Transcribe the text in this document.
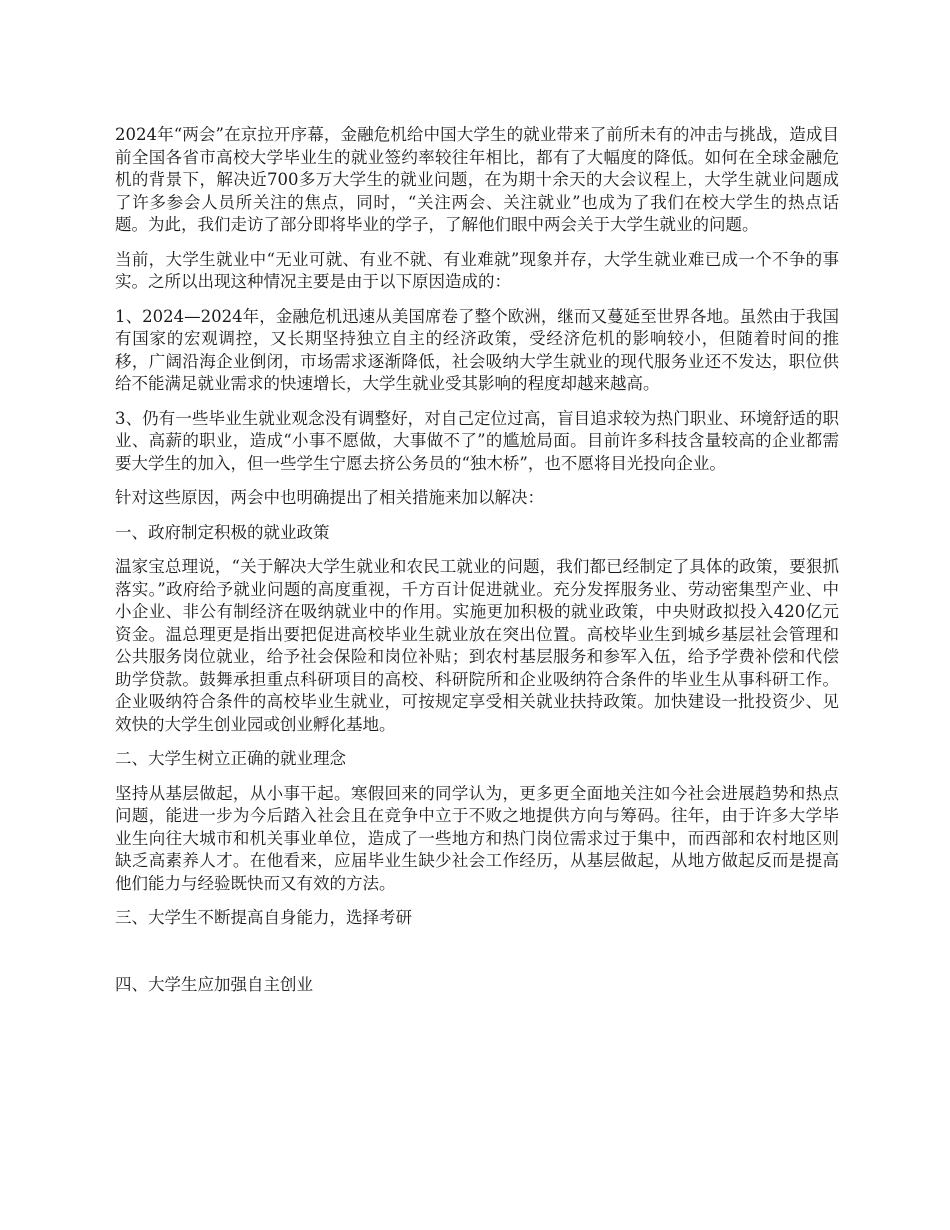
2024年“两会”在京拉开序幕，金融危机给中国大学生的就业带来了前所未有的冲击与挑战，造成目前全国各省市高校大学毕业生的就业签约率较往年相比，都有了大幅度的降低。如何在全球金融危机的背景下，解决近700多万大学生的就业问题，在为期十余天的大会议程上，大学生就业问题成了许多参会人员所关注的焦点，同时，“关注两会、关注就业”也成为了我们在校大学生的热点话题。为此，我们走访了部分即将毕业的学子，了解他们眼中两会关于大学生就业的问题。

当前，大学生就业中“无业可就、有业不就、有业难就”现象并存，大学生就业难已成一个不争的事实。之所以出现这种情况主要是由于以下原因造成的：

1、2024—2024年，金融危机迅速从美国席卷了整个欧洲，继而又蔓延至世界各地。虽然由于我国有国家的宏观调控，又长期坚持独立自主的经济政策，受经济危机的影响较小，但随着时间的推移，广阔沿海企业倒闭，市场需求逐渐降低，社会吸纳大学生就业的现代服务业还不发达，职位供给不能满足就业需求的快速增长，大学生就业受其影响的程度却越来越高。

3、仍有一些毕业生就业观念没有调整好，对自己定位过高，盲目追求较为热门职业、环境舒适的职业、高薪的职业，造成“小事不愿做，大事做不了”的尴尬局面。目前许多科技含量较高的企业都需要大学生的加入，但一些学生宁愿去挤公务员的“独木桥”，也不愿将目光投向企业。

针对这些原因，两会中也明确提出了相关措施来加以解决：

一、政府制定积极的就业政策

温家宝总理说，“关于解决大学生就业和农民工就业的问题，我们都已经制定了具体的政策，要狠抓落实。”政府给予就业问题的高度重视，千方百计促进就业。充分发挥服务业、劳动密集型产业、中小企业、非公有制经济在吸纳就业中的作用。实施更加积极的就业政策，中央财政拟投入420亿元资金。温总理更是指出要把促进高校毕业生就业放在突出位置。高校毕业生到城乡基层社会管理和公共服务岗位就业，给予社会保险和岗位补贴；到农村基层服务和参军入伍，给予学费补偿和代偿助学贷款。鼓舞承担重点科研项目的高校、科研院所和企业吸纳符合条件的毕业生从事科研工作。企业吸纳符合条件的高校毕业生就业，可按规定享受相关就业扶持政策。加快建设一批投资少、见效快的大学生创业园或创业孵化基地。

二、大学生树立正确的就业理念

坚持从基层做起，从小事干起。寒假回来的同学认为，更多更全面地关注如今社会进展趋势和热点问题，能进一步为今后踏入社会且在竞争中立于不败之地提供方向与筹码。往年，由于许多大学毕业生向往大城市和机关事业单位，造成了一些地方和热门岗位需求过于集中，而西部和农村地区则缺乏高素养人才。在他看来，应届毕业生缺少社会工作经历，从基层做起，从地方做起反而是提高他们能力与经验既快而又有效的方法。

三、大学生不断提高自身能力，选择考研

四、大学生应加强自主创业
